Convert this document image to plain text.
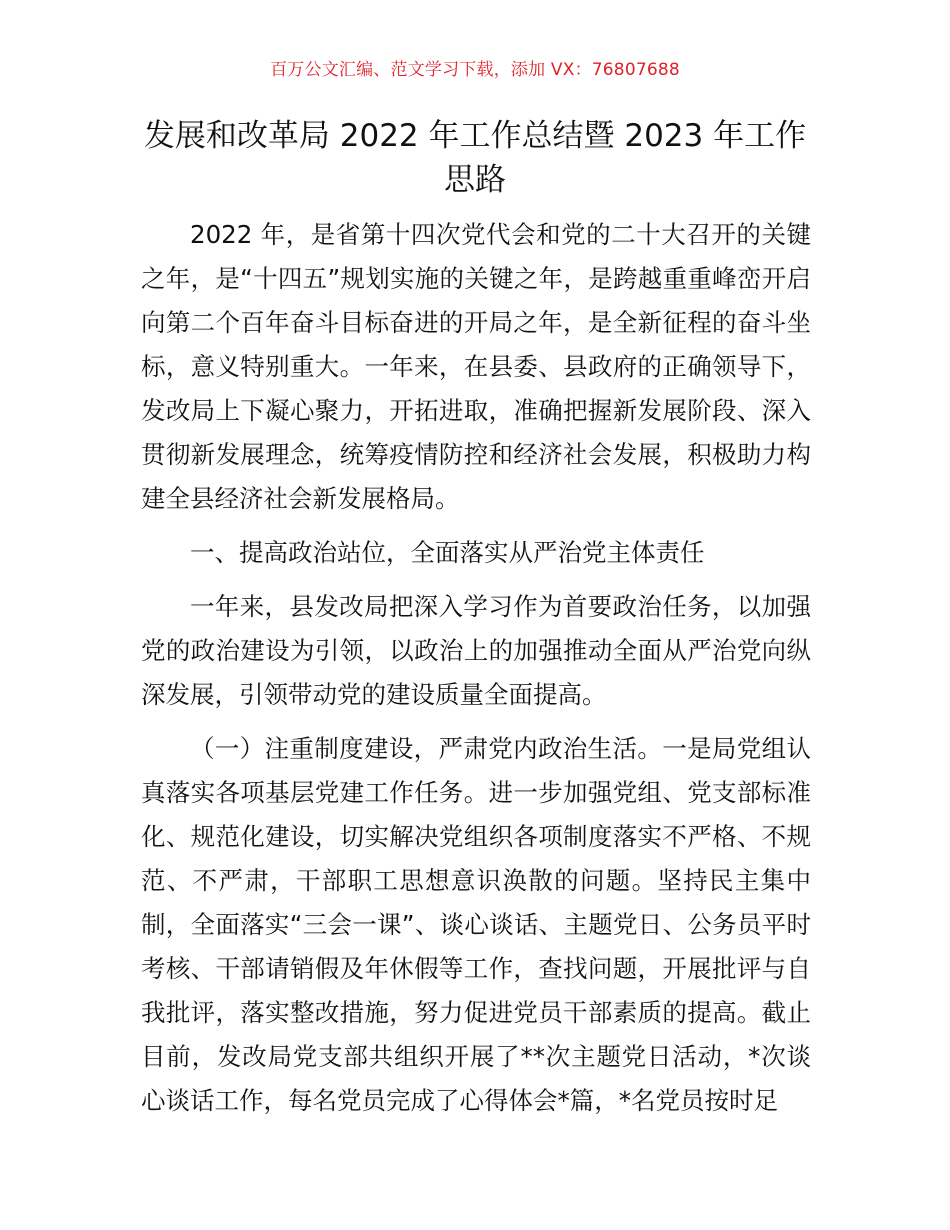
百万公文汇编、范文学习下载，添加 VX：76807688
发展和改革局 2022 年工作总结暨 2023 年工作思路

2022 年，是省第十四次党代会和党的二十大召开的关键之年，是“十四五”规划实施的关键之年，是跨越重重峰峦开启向第二个百年奋斗目标奋进的开局之年，是全新征程的奋斗坐标，意义特别重大。一年来，在县委、县政府的正确领导下，发改局上下凝心聚力，开拓进取，准确把握新发展阶段、深入贯彻新发展理念，统筹疫情防控和经济社会发展，积极助力构建全县经济社会新发展格局。

一、提高政治站位，全面落实从严治党主体责任

一年来，县发改局把深入学习作为首要政治任务，以加强党的政治建设为引领，以政治上的加强推动全面从严治党向纵深发展，引领带动党的建设质量全面提高。

（一）注重制度建设，严肃党内政治生活。一是局党组认真落实各项基层党建工作任务。进一步加强党组、党支部标准化、规范化建设，切实解决党组织各项制度落实不严格、不规范、不严肃，干部职工思想意识涣散的问题。坚持民主集中制，全面落实“三会一课”、谈心谈话、主题党日、公务员平时考核、干部请销假及年休假等工作，查找问题，开展批评与自我批评，落实整改措施，努力促进党员干部素质的提高。截止目前，发改局党支部共组织开展了**次主题党日活动，*次谈心谈话工作，每名党员完成了心得体会*篇，*名党员按时足
